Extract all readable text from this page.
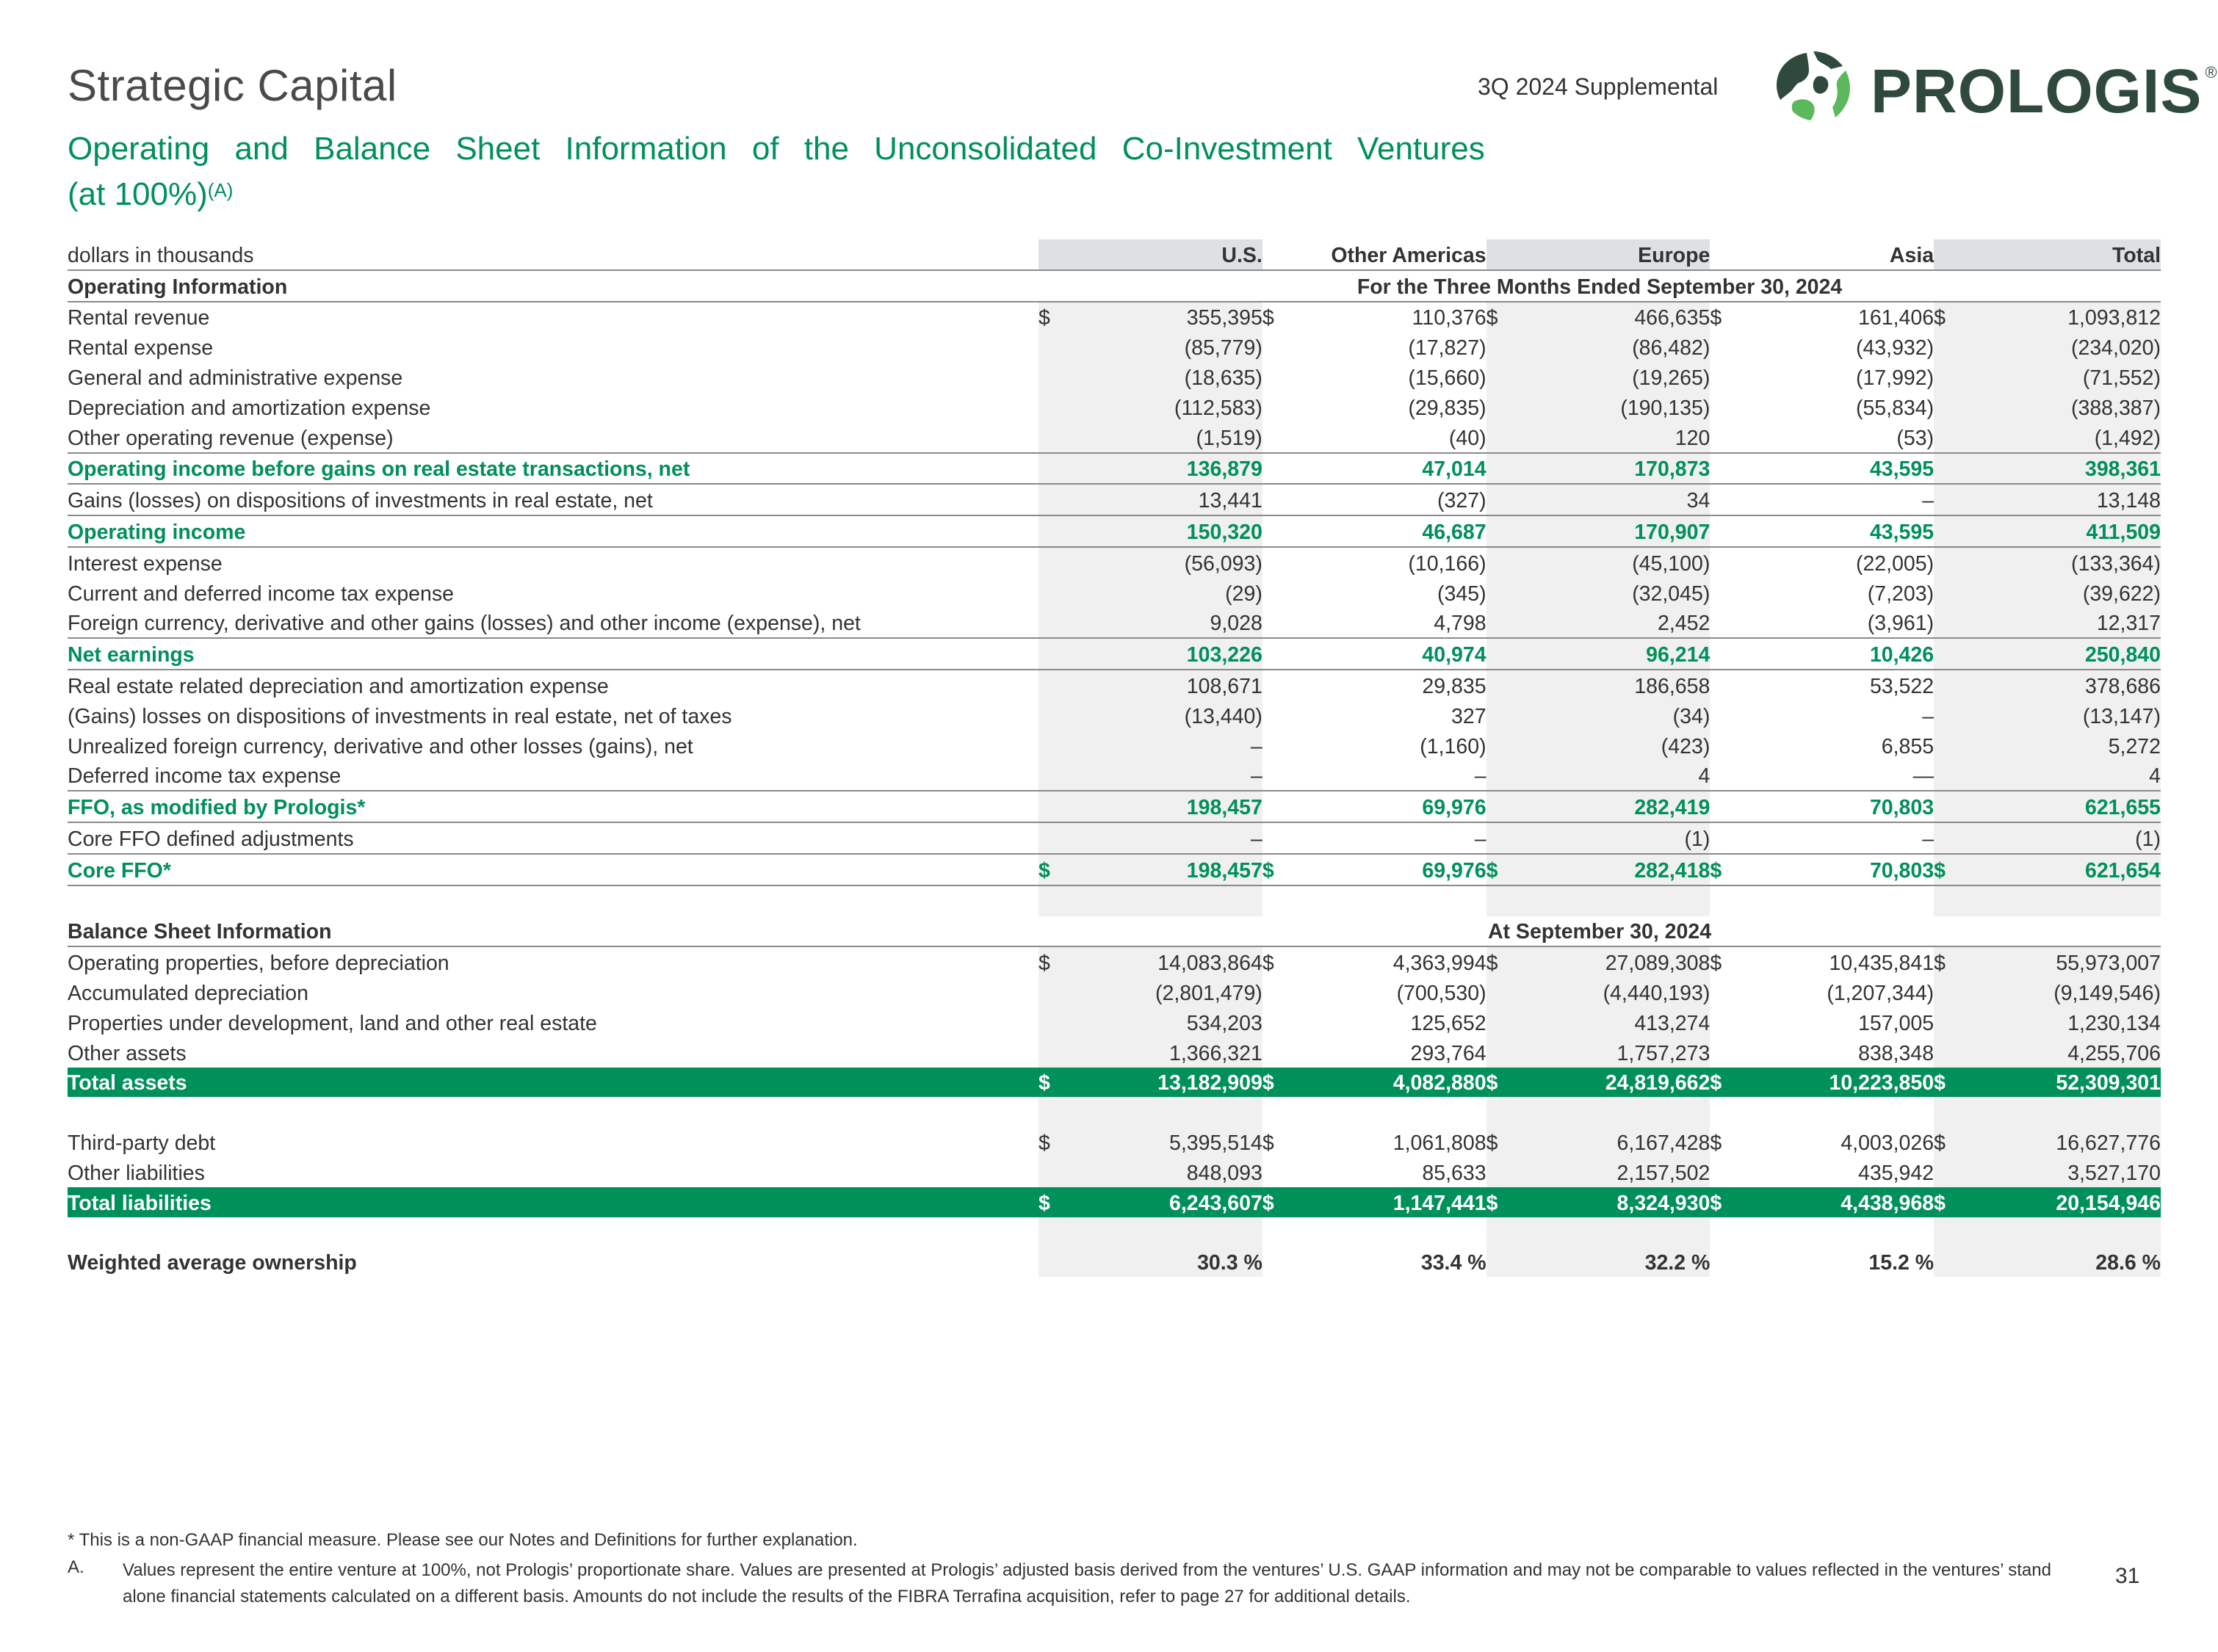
Strategic Capital	3Q 2024 Supplemental PROLOGIS ®
Operating and Balance Sheet Information of the Unconsolidated Co-Investment Ventures
(at 100%)$^{(A)}$
dollars in thousands		U.S.		Other Americas		Europe		Asia		Total
Operating Information	For the Three Months Ended September 30, 2024									
Rental revenue	$	355,395	$	110,376	$	466,635	$	161,406	$	1,093,812
Rental expense		(85,779)		(17,827)		(86,482)		(43,932)		(234,020)
General and administrative expense		(18,635)		(15,660)		(19,265)		(17,992)		(71,552)
Depreciation and amortization expense		(112,583)		(29,835)		(190,135)		(55,834)		(388,387)
Other operating revenue (expense)		(1,519)		(40)		120		(53)		(1,492)
Operating income before gains on real estate transactions, net		136,879		47,014		170,873		43,595		398,361
Gains (losses) on dispositions of investments in real estate, net		13,441		(327)		34		–		13,148
Operating income		150,320		46,687		170,907		43,595		411,509
Interest expense		(56,093)		(10,166)		(45,100)		(22,005)		(133,364)
Current and deferred income tax expense		(29)		(345)		(32,045)		(7,203)		(39,622)
Foreign currency, derivative and other gains (losses) and other income (expense), net		9,028		4,798		2,452		(3,961)		12,317
Net earnings		103,226		40,974		96,214		10,426		250,840
Real estate related depreciation and amortization expense		108,671		29,835		186,658		53,522		378,686
(Gains) losses on dispositions of investments in real estate, net of taxes		(13,440)		327		(34)		–		(13,147)
Unrealized foreign currency, derivative and other losses (gains), net		–		(1,160)		(423)		6,855		5,272
Deferred income tax expense		–		–		4		—		4
FFO, as modified by Prologis*		198,457		69,976		282,419		70,803		621,655
Core FFO defined adjustments		–		–		(1)		–		(1)
Core FFO*	$	198,457	$	69,976	$	282,418	$	70,803	$	621,654

Balance Sheet Information	At September 30, 2024									
Operating properties, before depreciation	$	14,083,864	$	4,363,994	$	27,089,308	$	10,435,841	$	55,973,007
Accumulated depreciation		(2,801,479)		(700,530)		(4,440,193)		(1,207,344)		(9,149,546)
Properties under development, land and other real estate		534,203		125,652		413,274		157,005		1,230,134
Other assets		1,366,321		293,764		1,757,273		838,348		4,255,706
Total assets	$	13,182,909	$	4,082,880	$	24,819,662	$	10,223,850	$	52,309,301

Third-party debt	$	5,395,514	$	1,061,808	$	6,167,428	$	4,003,026	$	16,627,776
Other liabilities		848,093		85,633		2,157,502		435,942		3,527,170
Total liabilities	$	6,243,607	$	1,147,441	$	8,324,930	$	4,438,968	$	20,154,946

Weighted average ownership		30.3 %		33.4 %		32.2 %		15.2 %		28.6 %
* This is a non-GAAP financial measure. Please see our Notes and Definitions for further explanation.
A. Values represent the entire venture at 100%, not Prologis’ proportionate share. Values are presented at Prologis’ adjusted basis derived from the ventures’ U.S. GAAP information and may not be comparable to values reflected in the ventures’ stand alone financial statements calculated on a different basis. Amounts do not include the results of the FIBRA Terrafina acquisition, refer to page 27 for additional details.
31
